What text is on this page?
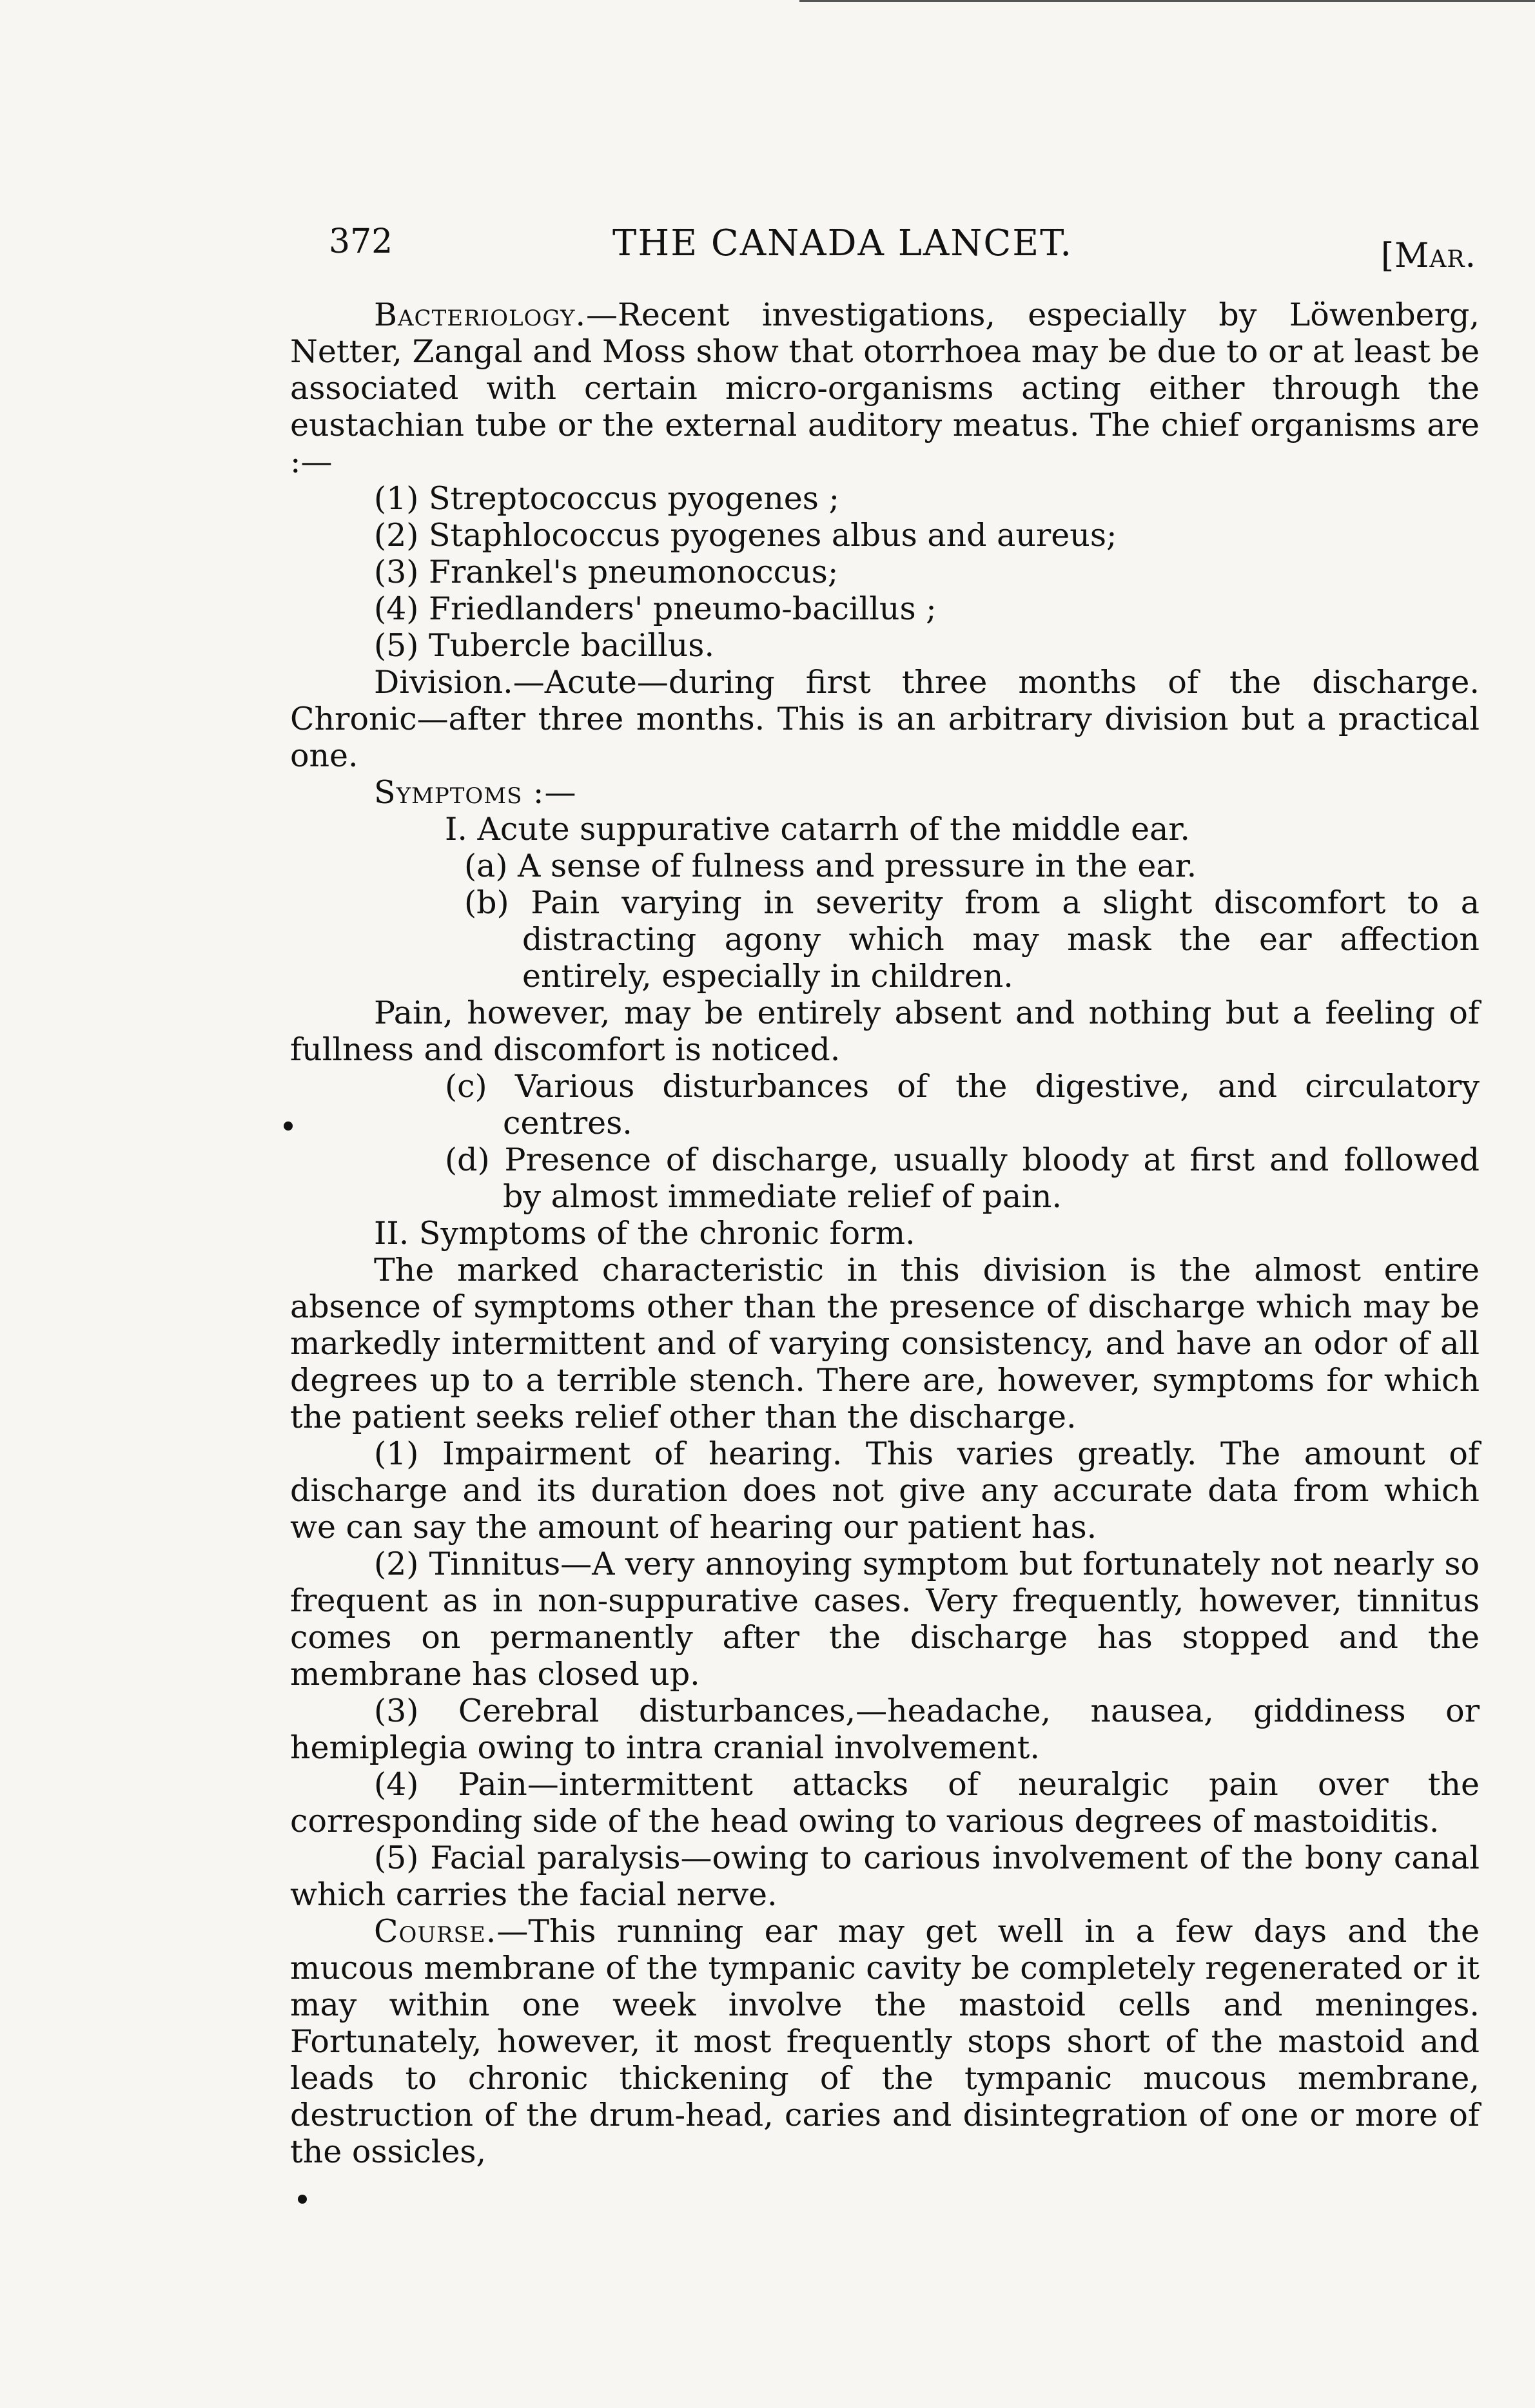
372	THE CANADA LANCET.	[Mar.

Bacteriology.—Recent investigations, especially by Löwenberg, Netter, Zangal and Moss show that otorrhoea may be due to or at least be associated with certain micro-organisms acting either through the eustachian tube or the external auditory meatus. The chief organisms are :—

(1) Streptococcus pyogenes ;

(2) Staphlococcus pyogenes albus and aureus;

(3) Frankel's pneumonoccus;

(4) Friedlanders' pneumo-bacillus ;

(5) Tubercle bacillus.

Division.—Acute—during first three months of the discharge. Chronic—after three months. This is an arbitrary division but a practical one.

Symptoms :—

I. Acute suppurative catarrh of the middle ear.

(a) A sense of fulness and pressure in the ear.

(b) Pain varying in severity from a slight discomfort to a distracting agony which may mask the ear affection entirely, especially in children.

Pain, however, may be entirely absent and nothing but a feeling of fullness and discomfort is noticed.

(c) Various disturbances of the digestive, and circulatory centres.

(d) Presence of discharge, usually bloody at first and followed by almost immediate relief of pain.

II. Symptoms of the chronic form.

The marked characteristic in this division is the almost entire absence of symptoms other than the presence of discharge which may be markedly intermittent and of varying consistency, and have an odor of all degrees up to a terrible stench. There are, however, symptoms for which the patient seeks relief other than the discharge.

(1) Impairment of hearing. This varies greatly. The amount of discharge and its duration does not give any accurate data from which we can say the amount of hearing our patient has.

(2) Tinnitus—A very annoying symptom but fortunately not nearly so frequent as in non-suppurative cases. Very frequently, however, tinnitus comes on permanently after the discharge has stopped and the membrane has closed up.

(3) Cerebral disturbances,—headache, nausea, giddiness or hemiplegia owing to intra cranial involvement.

(4) Pain—intermittent attacks of neuralgic pain over the corresponding side of the head owing to various degrees of mastoiditis.

(5) Facial paralysis—owing to carious involvement of the bony canal which carries the facial nerve.

Course.—This running ear may get well in a few days and the mucous membrane of the tympanic cavity be completely regenerated or it may within one week involve the mastoid cells and meninges. Fortunately, however, it most frequently stops short of the mastoid and leads to chronic thickening of the tympanic mucous membrane, destruction of the drum-head, caries and disintegration of one or more of the ossicles,
